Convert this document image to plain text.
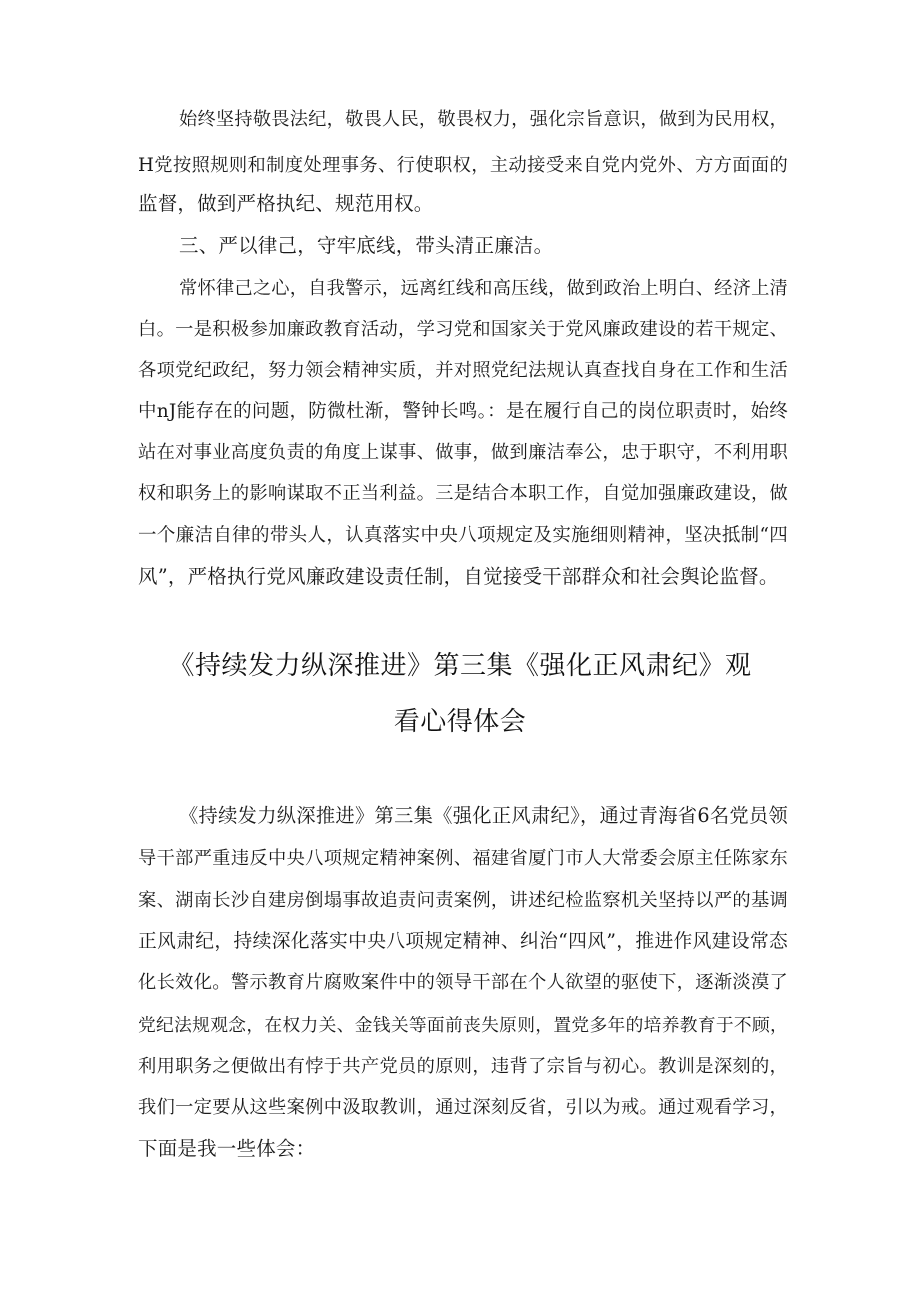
始终坚持敬畏法纪，敬畏人民，敬畏权力，强化宗旨意识，做到为民用权，
H党按照规则和制度处理事务、行使职权，主动接受来自党内党外、方方面面的
监督，做到严格执纪、规范用权。
三、严以律己，守牢底线，带头清正廉洁。
常怀律己之心，自我警示，远离红线和高压线，做到政治上明白、经济上清
白。一是积极参加廉政教育活动，学习党和国家关于党风廉政建设的若干规定、
各项党纪政纪，努力领会精神实质，并对照党纪法规认真查找自身在工作和生活
中nJ能存在的问题，防微杜渐，警钟长鸣。：是在履行自己的岗位职责时，始终
站在对事业高度负责的角度上谋事、做事，做到廉洁奉公，忠于职守，不利用职
权和职务上的影响谋取不正当利益。三是结合本职工作，自觉加强廉政建设，做
一个廉洁自律的带头人，认真落实中央八项规定及实施细则精神，坚决抵制“四
风”，严格执行党风廉政建设责任制，自觉接受干部群众和社会舆论监督。
《持续发力纵深推进》第三集《强化正风肃纪》观
看心得体会
《持续发力纵深推进》第三集《强化正风肃纪》，通过青海省6名党员领
导干部严重违反中央八项规定精神案例、福建省厦门市人大常委会原主任陈家东
案、湖南长沙自建房倒塌事故追责问责案例，讲述纪检监察机关坚持以严的基调
正风肃纪，持续深化落实中央八项规定精神、纠治“四风”，推进作风建设常态
化长效化。警示教育片腐败案件中的领导干部在个人欲望的驱使下，逐渐淡漠了
党纪法规观念，在权力关、金钱关等面前丧失原则，置党多年的培养教育于不顾，
利用职务之便做出有悖于共产党员的原则，违背了宗旨与初心。教训是深刻的，
我们一定要从这些案例中汲取教训，通过深刻反省，引以为戒。通过观看学习，
下面是我一些体会：
